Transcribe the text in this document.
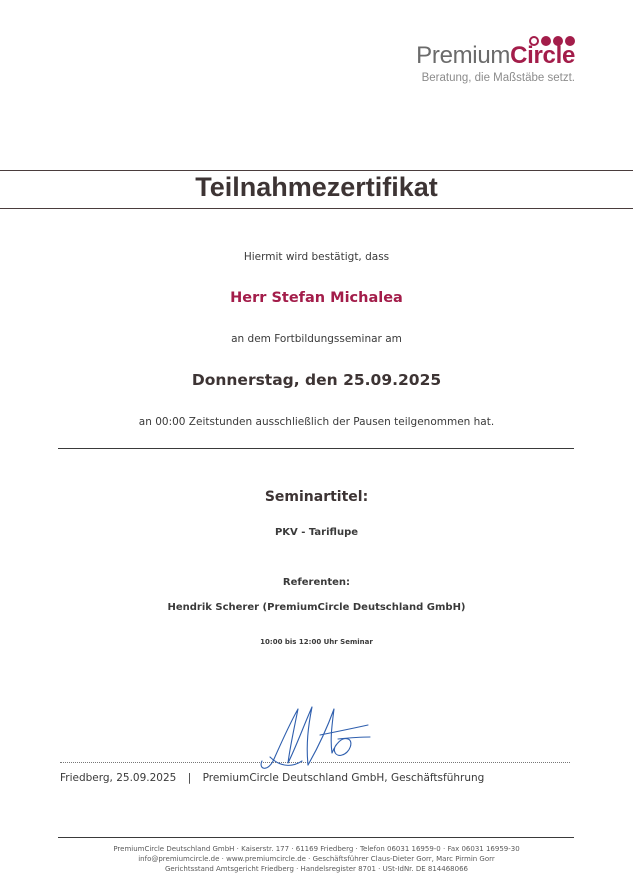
PremiumCircle
Beratung, die Maßstäbe setzt.
Teilnahmezertifikat
Hiermit wird bestätigt, dass
Herr Stefan Michalea
an dem Fortbildungsseminar am
Donnerstag, den 25.09.2025
an 00:00 Zeitstunden ausschließlich der Pausen teilgenommen hat.
Seminartitel:
PKV - Tariflupe
Referenten:
Hendrik Scherer (PremiumCircle Deutschland GmbH)
10:00 bis 12:00 Uhr Seminar
Friedberg, 25.09.2025 | PremiumCircle Deutschland GmbH, Geschäftsführung
PremiumCircle Deutschland GmbH · Kaiserstr. 177 · 61169 Friedberg · Telefon 06031 16959-0 · Fax 06031 16959-30
info@premiumcircle.de · www.premiumcircle.de · Geschäftsführer Claus-Dieter Gorr, Marc Pirmin Gorr
Gerichtsstand Amtsgericht Friedberg · Handelsregister 8701 · USt-IdNr. DE 814468066
